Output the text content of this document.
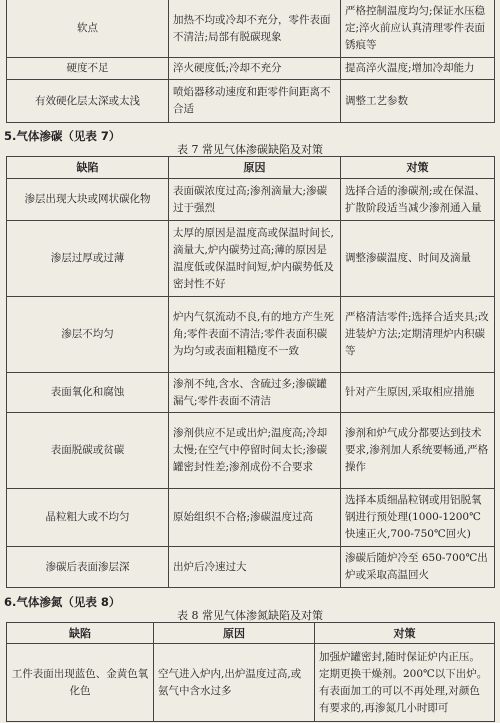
软点	加热不均或冷却不充分，零件表面不清洁;局部有脱碳现象	严格控制温度均匀;保证水压稳定;淬火前应认真清理零件表面锈痕等
硬度不足	淬火硬度低;冷却不充分	提高淬火温度;增加冷却能力
有效硬化层太深或太浅	喷焰器移动速度和距零件间距离不合适	调整工艺参数
5.气体渗碳（见表 7）
表 7 常见气体渗碳缺陷及对策
缺陷	原因	对策
渗层出现大块或网状碳化物	表面碳浓度过高;渗剂滴量大;渗碳过于强烈	选择合适的渗碳剂;或在保温、扩散阶段适当减少渗剂通入量
渗层过厚或过薄	太厚的原因是温度高或保温时间长,滴量大,炉内碳势过高;薄的原因是温度低或保温时间短,炉内碳势低及密封性不好	调整渗碳温度、时间及滴量
渗层不均匀	炉内气氛流动不良,有的地方产生死角;零件表面不清洁;零件表面积碳为均匀或表面粗糙度不一致	严格清洁零件;选择合适夹具;改进装炉方法;定期清理炉内积碳等
表面氧化和腐蚀	渗剂不纯,含水、含硫过多;渗碳罐漏气;零件表面不清洁	针对产生原因,采取相应措施
表面脱碳或贫碳	渗剂供应不足或出炉;温度高;冷却太慢;在空气中停留时间太长;渗碳罐密封性差;渗剂成份不合要求	渗剂和炉气成分都要达到技术要求,渗剂加人系统要畅通,严格操作
晶粒粗大或不均匀	原始组织不合格;渗碳温度过高	选择本质细晶粒钢或用铝脱氧钢进行预处理(1000-1200℃快速正火,700-750℃回火)
渗碳后表面渗层深	出炉后冷速过大	渗碳后随炉冷至 650-700℃出炉或采取高温回火
6.气体渗氮（见表 8）
表 8 常见气体渗氮缺陷及对策
缺陷	原因	对策
工件表面出现蓝色、金黄色氧化色	空气进入炉内,出炉温度过高,或氨气中含水过多	加强炉罐密封,随时保证炉内正压。定期更换干燥剂。200℃以下出炉。有表面加工的可以不再处理,对颜色有要求的,再渗氮几小时即可
